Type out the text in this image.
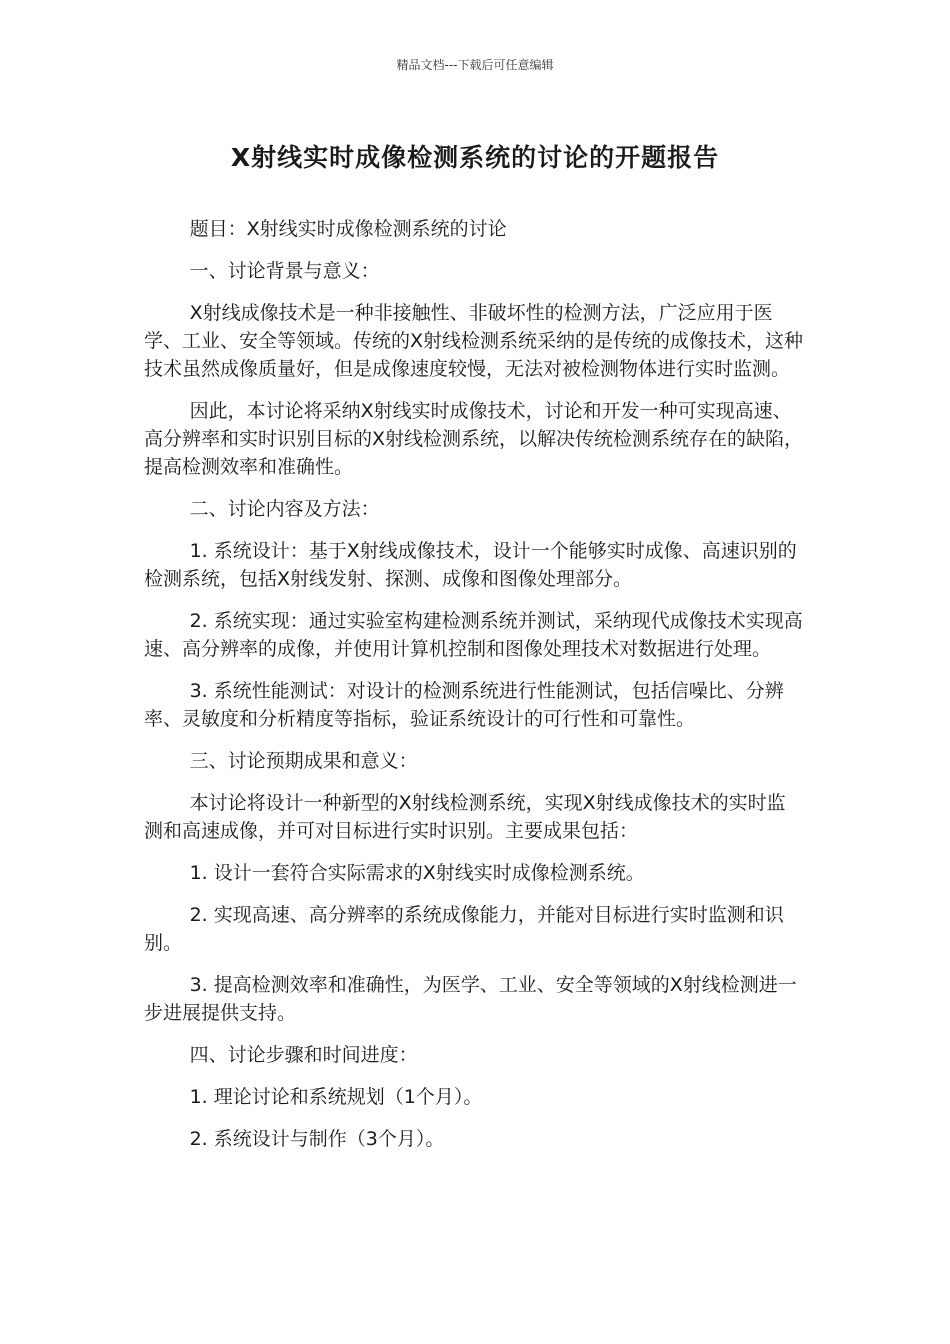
精品文档---下载后可任意编辑
X射线实时成像检测系统的讨论的开题报告

题目：X射线实时成像检测系统的讨论

一、讨论背景与意义：

X射线成像技术是一种非接触性、非破坏性的检测方法，广泛应用于医学、工业、安全等领域。传统的X射线检测系统采纳的是传统的成像技术，这种技术虽然成像质量好，但是成像速度较慢，无法对被检测物体进行实时监测。

因此，本讨论将采纳X射线实时成像技术，讨论和开发一种可实现高速、高分辨率和实时识别目标的X射线检测系统，以解决传统检测系统存在的缺陷，提高检测效率和准确性。

二、讨论内容及方法：

1. 系统设计：基于X射线成像技术，设计一个能够实时成像、高速识别的检测系统，包括X射线发射、探测、成像和图像处理部分。

2. 系统实现：通过实验室构建检测系统并测试，采纳现代成像技术实现高速、高分辨率的成像，并使用计算机控制和图像处理技术对数据进行处理。

3. 系统性能测试：对设计的检测系统进行性能测试，包括信噪比、分辨率、灵敏度和分析精度等指标，验证系统设计的可行性和可靠性。

三、讨论预期成果和意义：

本讨论将设计一种新型的X射线检测系统，实现X射线成像技术的实时监测和高速成像，并可对目标进行实时识别。主要成果包括：

1. 设计一套符合实际需求的X射线实时成像检测系统。

2. 实现高速、高分辨率的系统成像能力，并能对目标进行实时监测和识别。

3. 提高检测效率和准确性，为医学、工业、安全等领域的X射线检测进一步进展提供支持。

四、讨论步骤和时间进度：

1. 理论讨论和系统规划（1个月）。

2. 系统设计与制作（3个月）。
